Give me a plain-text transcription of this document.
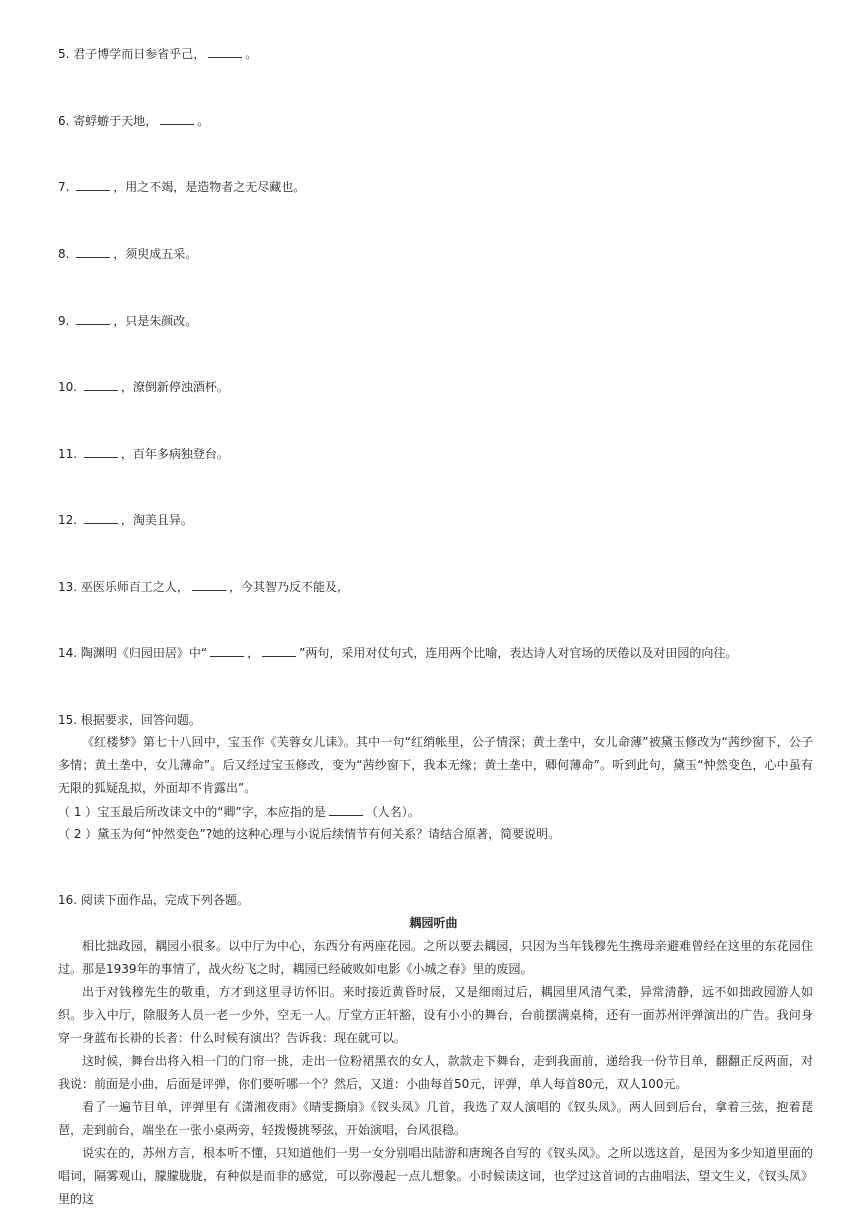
5. 君子博学而日参省乎己，	。
6. 寄蜉蝣于天地，	。
7.	，用之不竭，是造物者之无尽藏也。
8.	，须臾成五采。
9.	，只是朱颜改。
10.	，潦倒新停浊酒杯。
11.	，百年多病独登台。
12.	，淘美且异。
13. 巫医乐师百工之人，	，今其智乃反不能及，
14. 陶渊明《归园田居》中“	，	”两句，采用对仗句式，连用两个比喻，表达诗人对官场的厌倦以及对田园的向往。
15. 根据要求，回答问题。
《红楼梦》第七十八回中，宝玉作《芙蓉女儿诔》。其中一句“红绡帐里，公子情深；黄土垄中，女儿命薄”被黛玉修改为“茜纱窗下，公子多情；黄土垄中，女儿薄命”。后又经过宝玉修改，变为“茜纱窗下，我本无缘；黄土垄中，卿何薄命”。听到此句，黛玉“忡然变色，心中虽有无限的狐疑乱拟，外面却不肯露出”。
（ 1 ）宝玉最后所改诔文中的“卿”字，本应指的是	（人名）。
（ 2 ）黛玉为何“忡然变色”?她的这种心理与小说后续情节有何关系？请结合原著，简要说明。
16. 阅读下面作品，完成下列各题。
耦园听曲
相比拙政园，耦园小很多。以中厅为中心，东西分有两座花园。之所以要去耦园，只因为当年钱穆先生携母亲避难曾经在这里的东花园住过。那是1939年的事情了，战火纷飞之时，耦园已经破败如电影《小城之春》里的废园。
出于对钱穆先生的敬重，方才到这里寻访怀旧。来时接近黄昏时辰，又是细雨过后，耦园里风清气柔，异常清静，远不如拙政园游人如织。步入中厅，除服务人员一老一少外，空无一人。厅堂方正轩豁，设有小小的舞台，台前摆满桌椅，还有一面苏州评弹演出的广告。我问身穿一身蓝布长褂的长者：什么时候有演出？告诉我：现在就可以。
这时候，舞台出将入相一门的门帘一挑，走出一位粉裙黑衣的女人，款款走下舞台，走到我面前，递给我一份节目单，翻翻正反两面，对我说：前面是小曲，后面是评弹，你们要听哪一个？然后，又道：小曲每首50元，评弹，单人每首80元，双人100元。
看了一遍节目单，评弹里有《潇湘夜雨》《晴雯撕扇》《钗头凤》几首，我选了双人演唱的《钗头凤》。两人回到后台，拿着三弦，抱着琵琶，走到前台，端坐在一张小桌两旁，轻拨慢挑琴弦，开始演唱，台风很稳。
说实在的，苏州方言，根本听不懂，只知道他们一男一女分别唱出陆游和唐琬各自写的《钗头凤》。之所以选这首，是因为多少知道里面的唱词，隔雾观山，朦朦胧胧，有种似是而非的感觉，可以弥漫起一点儿想象。小时候读这词，也学过这首词的古曲唱法，望文生义，《钗头凤》里的这
